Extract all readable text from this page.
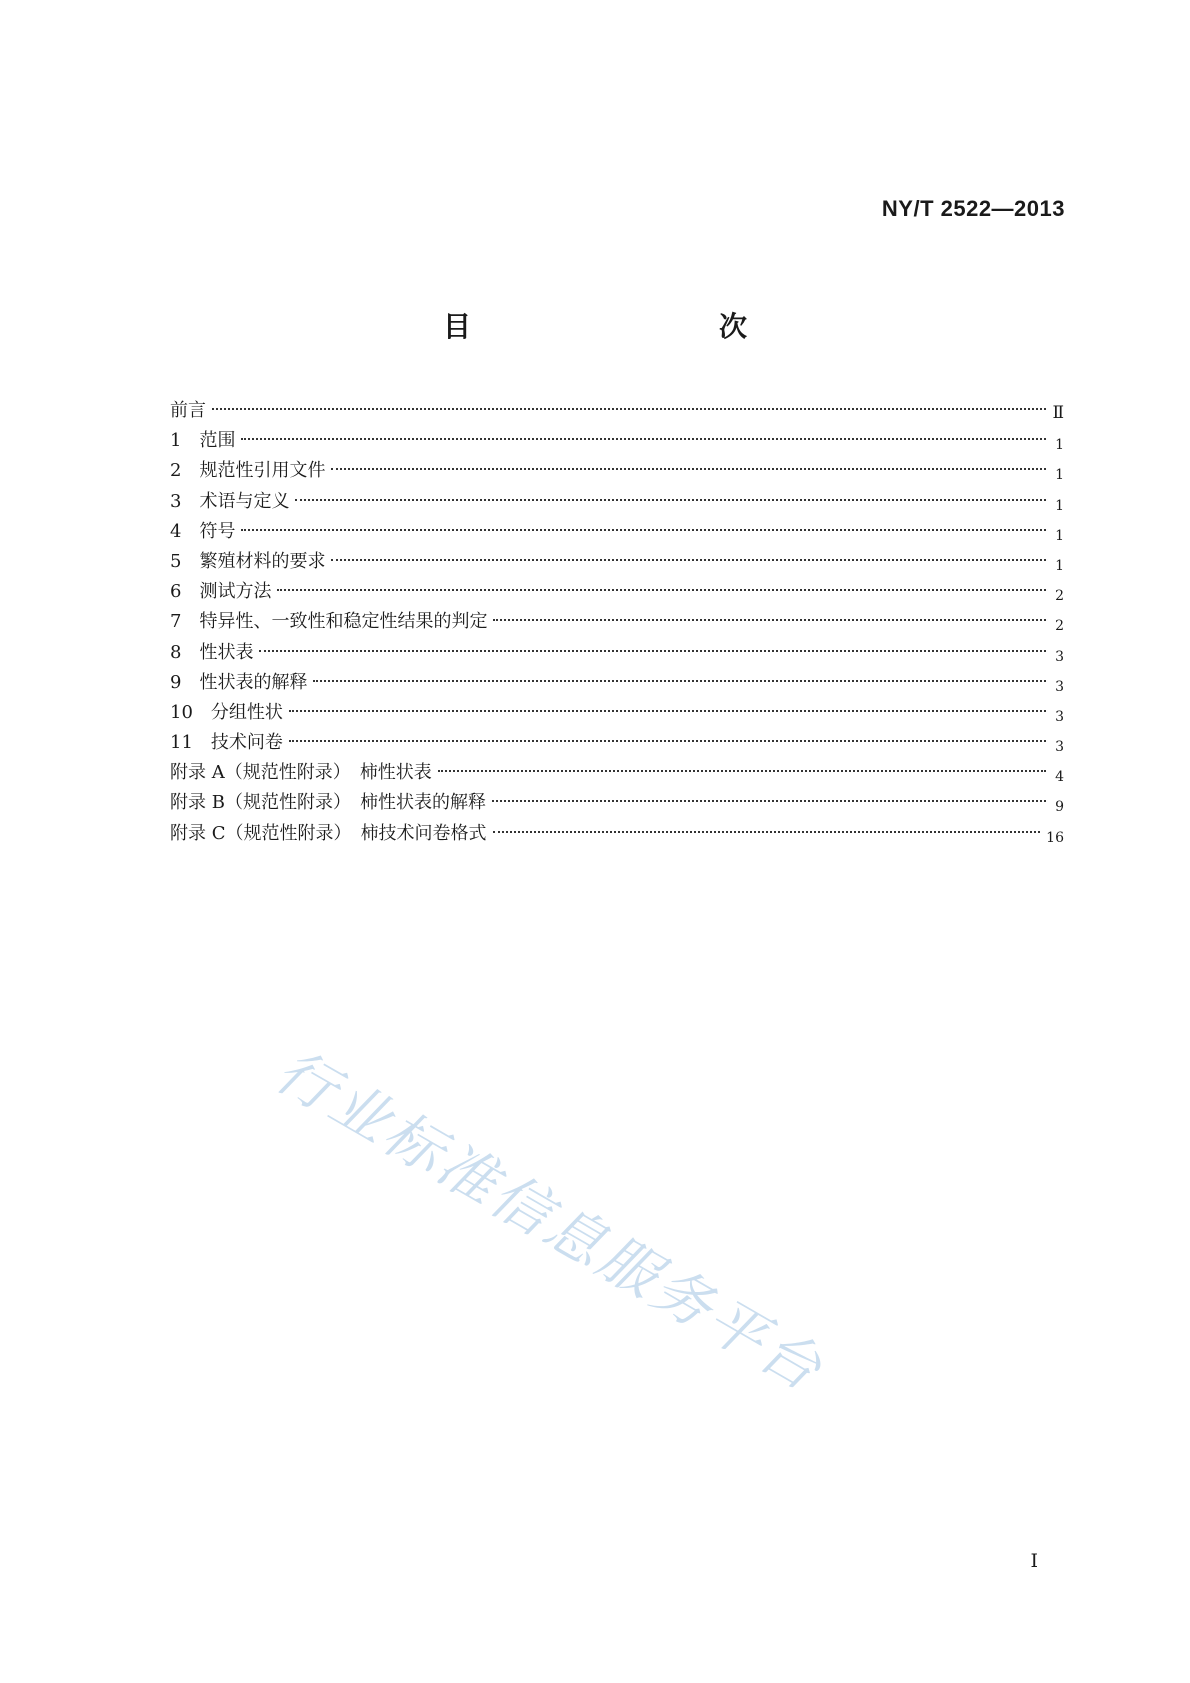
NY/T 2522—2013
目　　次
前言	Ⅱ
1　范围	1
2　规范性引用文件	1
3　术语与定义	1
4　符号	1
5　繁殖材料的要求	1
6　测试方法	2
7　特异性、一致性和稳定性结果的判定	2
8　性状表	3
9　性状表的解释	3
10　分组性状	3
11　技术问卷	3
附录 A（规范性附录）　柿性状表	4
附录 B（规范性附录）　柿性状表的解释	9
附录 C（规范性附录）　柿技术问卷格式	16
行业标准信息服务平台
Ⅰ
